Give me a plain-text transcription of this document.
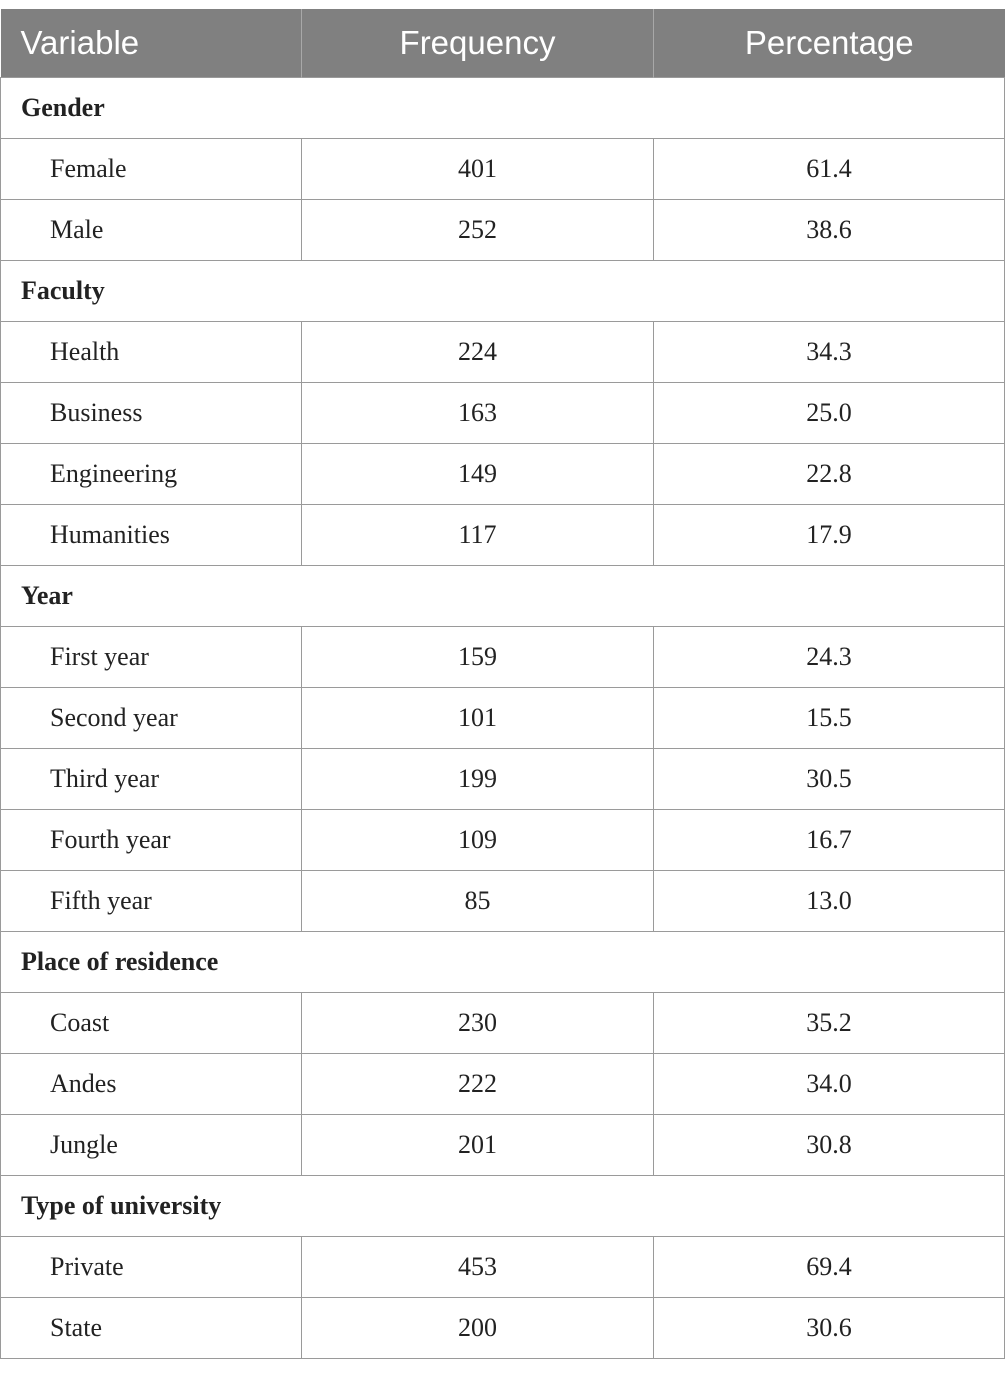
Variable	Frequency	Percentage
Gender		
Female	401	61.4
Male	252	38.6
Faculty		
Health	224	34.3
Business	163	25.0
Engineering	149	22.8
Humanities	117	17.9
Year		
First year	159	24.3
Second year	101	15.5
Third year	199	30.5
Fourth year	109	16.7
Fifth year	85	13.0
Place of residence		
Coast	230	35.2
Andes	222	34.0
Jungle	201	30.8
Type of university		
Private	453	69.4
State	200	30.6
